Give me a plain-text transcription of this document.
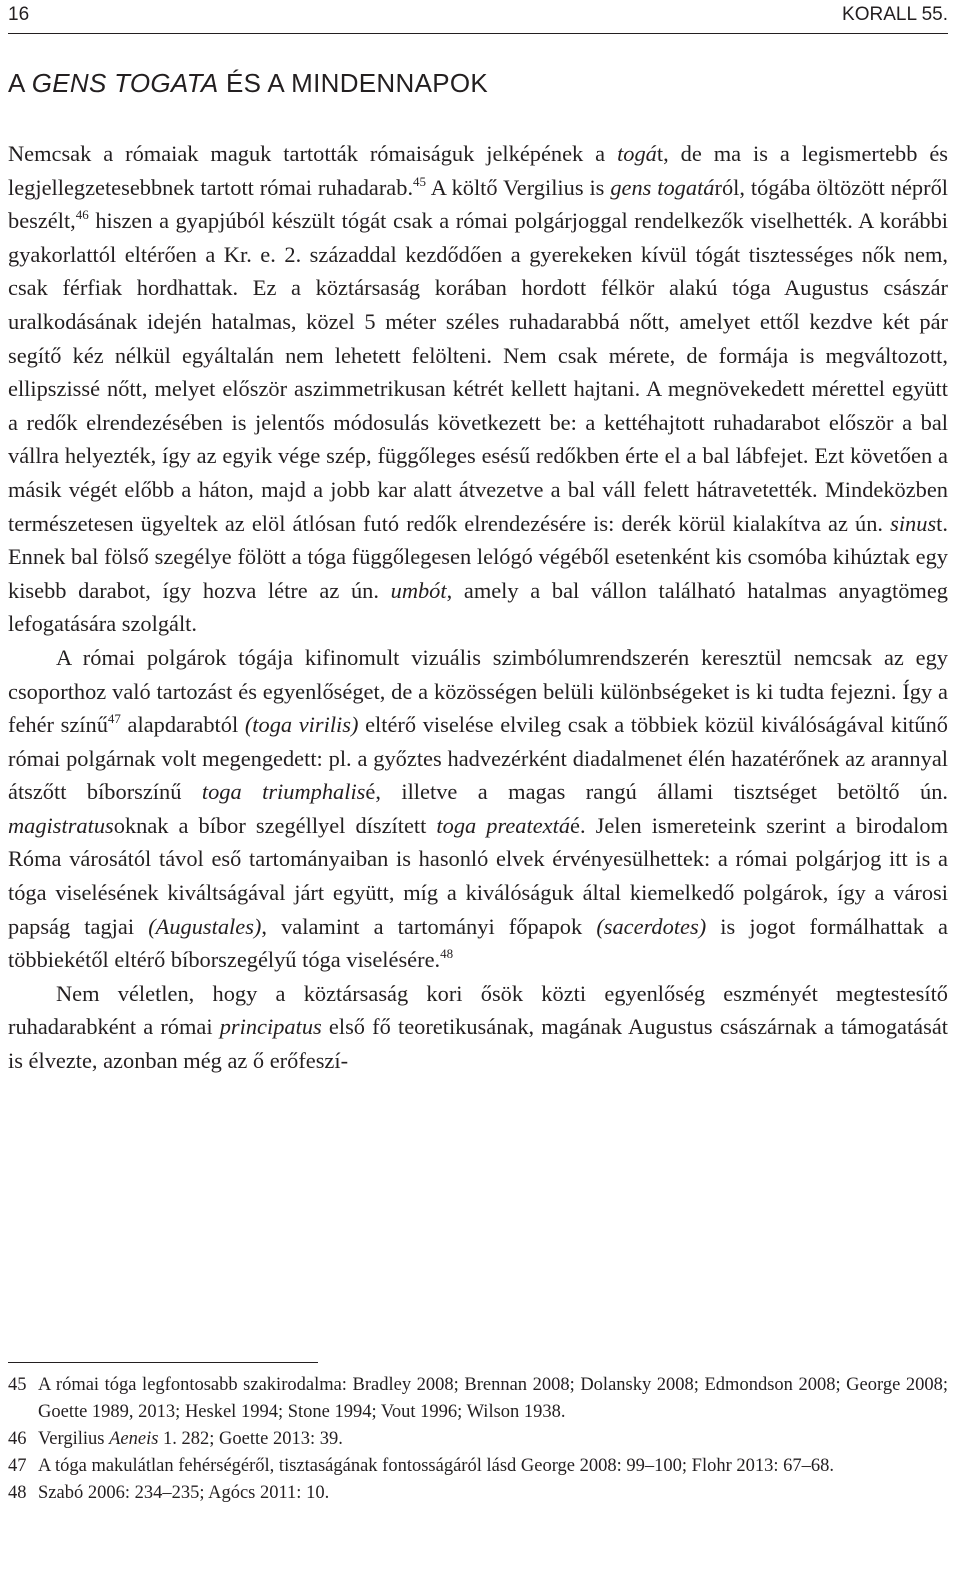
16	KORALL 55.
A GENS TOGATA ÉS A MINDENNAPOK

Nemcsak a rómaiak maguk tartották rómaiságuk jelképének a togát, de ma is a legismertebb és legjellegzetesebbnek tartott római ruhadarab.$^{45}$ A költő Vergilius is gens togatáról, tógába öltözött népről beszélt,$^{46}$ hiszen a gyapjúból készült tógát csak a római polgárjoggal rendelkezők viselhették. A korábbi gyakorlattól eltérően a Kr. e. 2. századdal kezdődően a gyerekeken kívül tógát tisztességes nők nem, csak férfiak hordhattak. Ez a köztársaság korában hordott félkör alakú tóga Augustus császár uralkodásának idején hatalmas, közel 5 méter széles ruhadarabbá nőtt, amelyet ettől kezdve két pár segítő kéz nélkül egyáltalán nem lehetett felölteni. Nem csak mérete, de formája is megváltozott, ellipszissé nőtt, melyet először aszimmetrikusan kétrét kellett hajtani. A megnövekedett mérettel együtt a redők elrendezésében is jelentős módosulás következett be: a kettéhajtott ruhadarabot először a bal vállra helyezték, így az egyik vége szép, függőleges esésű redőkben érte el a bal lábfejet. Ezt követően a másik végét előbb a háton, majd a jobb kar alatt átvezetve a bal váll felett hátravetették. Mindeközben természetesen ügyeltek az elöl átlósan futó redők elrendezésére is: derék körül kialakítva az ún. sinust. Ennek bal fölső szegélye fölött a tóga függőlegesen lelógó végéből esetenként kis csomóba kihúztak egy kisebb darabot, így hozva létre az ún. umbót, amely a bal vállon található hatalmas anyagtömeg lefogatására szolgált.

A római polgárok tógája kifinomult vizuális szimbólumrendszerén keresztül nemcsak az egy csoporthoz való tartozást és egyenlőséget, de a közösségen belüli különbségeket is ki tudta fejezni. Így a fehér színű$^{47}$ alapdarabtól (toga virilis) eltérő viselése elvileg csak a többiek közül kiválóságával kitűnő római polgárnak volt megengedett: pl. a győztes hadvezérként diadalmenet élén hazatérőnek az arannyal átszőtt bíborszínű toga triumphalisé, illetve a magas rangú állami tisztséget betöltő ún. magistratusoknak a bíbor szegéllyel díszített toga preatextáé. Jelen ismereteink szerint a birodalom Róma városától távol eső tartományaiban is hasonló elvek érvényesülhettek: a római polgárjog itt is a tóga viselésének kiváltságával járt együtt, míg a kiválóságuk által kiemelkedő polgárok, így a városi papság tagjai (Augustales), valamint a tartományi főpapok (sacerdotes) is jogot formálhattak a többiekétől eltérő bíborszegélyű tóga viselésére.$^{48}$

Nem véletlen, hogy a köztársaság kori ősök közti egyenlőség eszményét megtestesítő ruhadarabként a római principatus első fő teoretikusának, magának Augustus császárnak a támogatását is élvezte, azonban még az ő erőfeszí-

45 A római tóga legfontosabb szakirodalma: Bradley 2008; Brennan 2008; Dolansky 2008; Edmondson 2008; George 2008; Goette 1989, 2013; Heskel 1994; Stone 1994; Vout 1996; Wilson 1938.
46 Vergilius Aeneis 1. 282; Goette 2013: 39.
47 A tóga makulátlan fehérségéről, tisztaságának fontosságáról lásd George 2008: 99–100; Flohr 2013: 67–68.
48 Szabó 2006: 234–235; Agócs 2011: 10.
